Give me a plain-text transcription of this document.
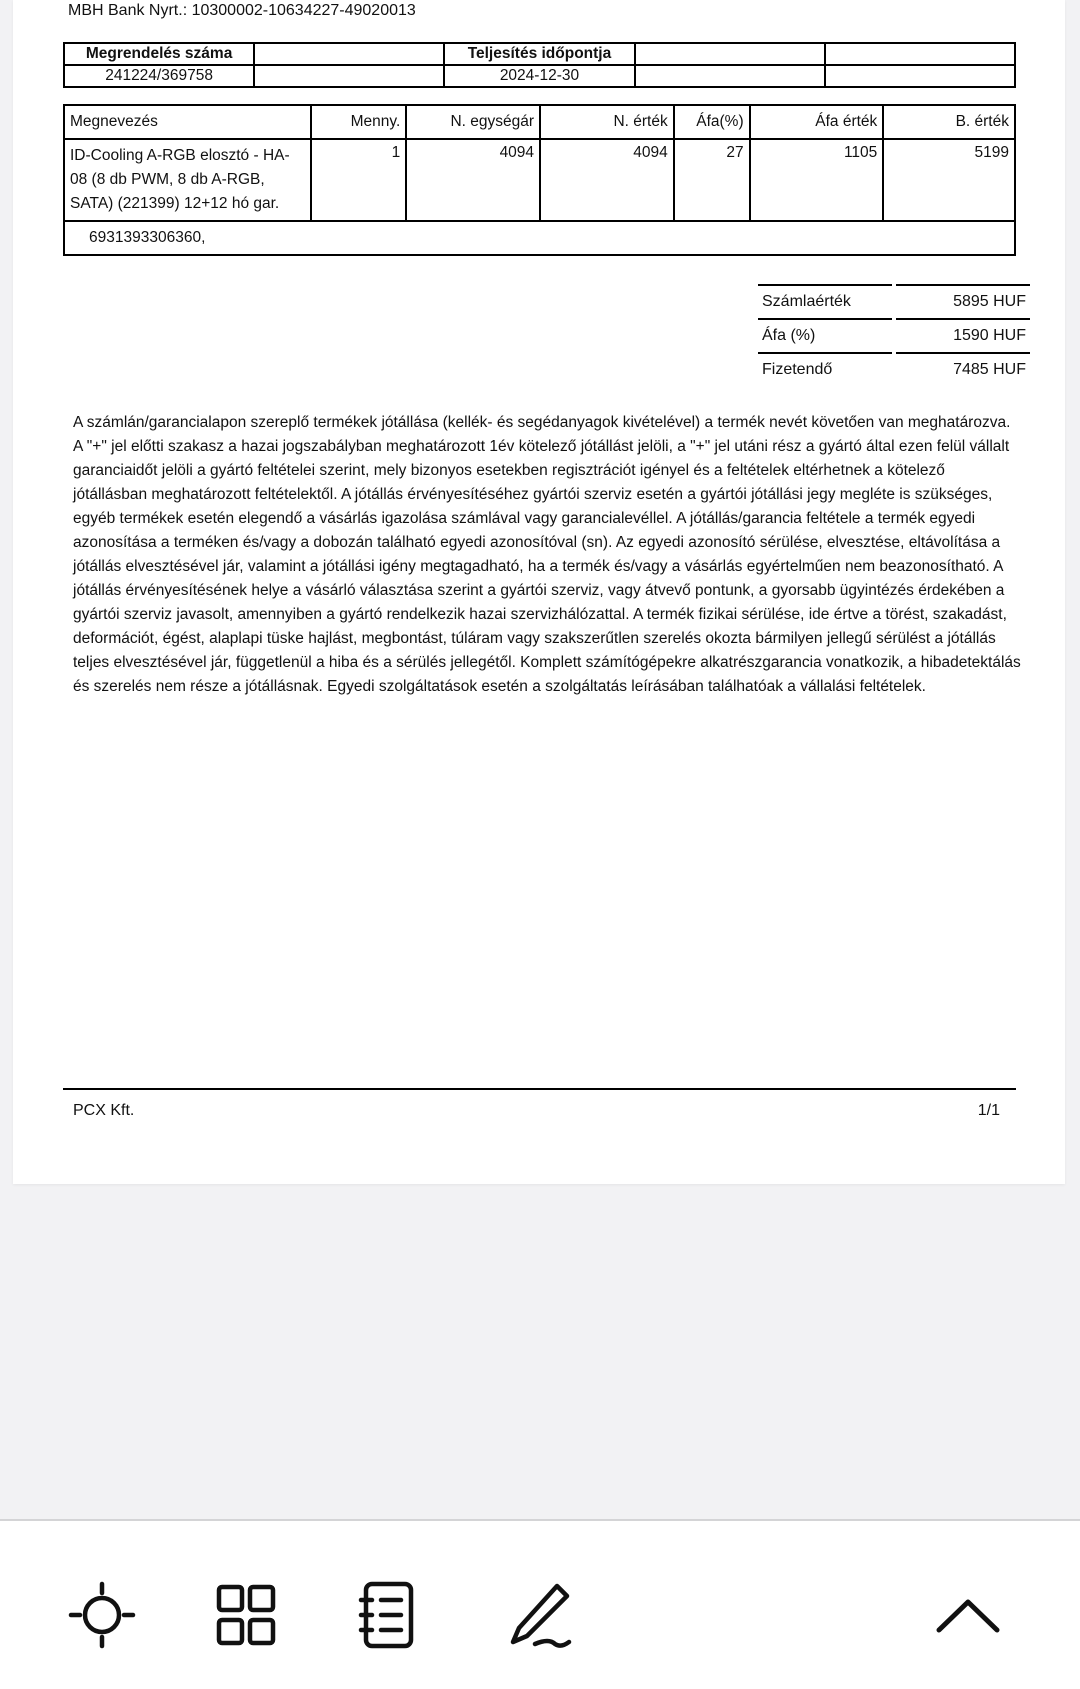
MBH Bank Nyrt.: 10300002-10634227-49020013
Megrendelés száma		Teljesítés időpontja		
241224/369758		2024-12-30		
Megnevezés	Menny.	N. egységár	N. érték	Áfa(%)	Áfa érték	B. érték
ID-Cooling A-RGB elosztó - HA-08 (8 db PWM, 8 db A-RGB, SATA) (221399) 12+12 hó gar.	1	4094	4094	27	1105	5199
6931393306360,						
Számlaérték		5895 HUF
Áfa (%)		1590 HUF
Fizetendő		7485 HUF
A számlán/garancialapon szereplő termékek jótállása (kellék- és segédanyagok kivételével) a termék nevét követően van meghatározva. A "+" jel előtti szakasz a hazai jogszabályban meghatározott 1év kötelező jótállást jelöli, a "+" jel utáni rész a gyártó által ezen felül vállalt garanciaidőt jelöli a gyártó feltételei szerint, mely bizonyos esetekben regisztrációt igényel és a feltételek eltérhetnek a kötelező jótállásban meghatározott feltételektől. A jótállás érvényesítéséhez gyártói szerviz esetén a gyártói jótállási jegy megléte is szükséges, egyéb termékek esetén elegendő a vásárlás igazolása számlával vagy garancialevéllel. A jótállás/garancia feltétele a termék egyedi azonosítása a terméken és/vagy a dobozán található egyedi azonosítóval (sn). Az egyedi azonosító sérülése, elvesztése, eltávolítása a jótállás elvesztésével jár, valamint a jótállási igény megtagadható, ha a termék és/vagy a vásárlás egyértelműen nem beazonosítható. A jótállás érvényesítésének helye a vásárló választása szerint a gyártói szerviz, vagy átvevő pontunk, a gyorsabb ügyintézés érdekében a gyártói szerviz javasolt, amennyiben a gyártó rendelkezik hazai szervizhálózattal. A termék fizikai sérülése, ide értve a törést, szakadást, deformációt, égést, alaplapi tüske hajlást, megbontást, túláram vagy szakszerűtlen szerelés okozta bármilyen jellegű sérülést a jótállás teljes elvesztésével jár, függetlenül a hiba és a sérülés jellegétől. Komplett számítógépekre alkatrészgarancia vonatkozik, a hibadetektálás és szerelés nem része a jótállásnak. Egyedi szolgáltatások esetén a szolgáltatás leírásában találhatóak a vállalási feltételek.
PCX Kft.	1/1
